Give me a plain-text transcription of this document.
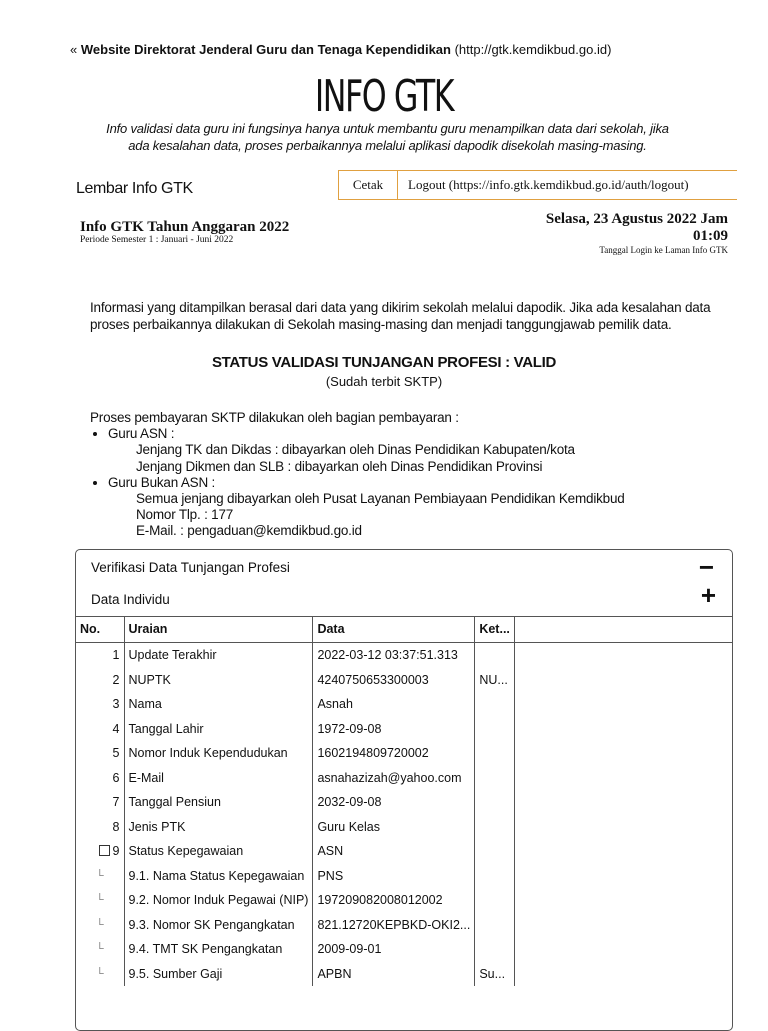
« Website Direktorat Jenderal Guru dan Tenaga Kependidikan (http://gtk.kemdikbud.go.id)
INFO GTK
Info validasi data guru ini fungsinya hanya untuk membantu guru menampilkan data dari sekolah, jika ada kesalahan data, proses perbaikannya melalui aplikasi dapodik disekolah masing-masing.
Lembar Info GTK	Cetak	Logout (https://info.gtk.kemdikbud.go.id/auth/logout)
Info GTK Tahun Anggaran 2022
Periode Semester 1 : Januari - Juni 2022
Selasa, 23 Agustus 2022 Jam 01:09
Tanggal Login ke Laman Info GTK
Informasi yang ditampilkan berasal dari data yang dikirim sekolah melalui dapodik. Jika ada kesalahan data proses perbaikannya dilakukan di Sekolah masing-masing dan menjadi tanggungjawab pemilik data.
STATUS VALIDASI TUNJANGAN PROFESI : VALID
(Sudah terbit SKTP)
Proses pembayaran SKTP dilakukan oleh bagian pembayaran :
• Guru ASN :
Jenjang TK dan Dikdas : dibayarkan oleh Dinas Pendidikan Kabupaten/kota
Jenjang Dikmen dan SLB : dibayarkan oleh Dinas Pendidikan Provinsi
• Guru Bukan ASN :
Semua jenjang dibayarkan oleh Pusat Layanan Pembiayaan Pendidikan Kemdikbud
Nomor Tlp. : 177
E-Mail. : pengaduan@kemdikbud.go.id
Verifikasi Data Tunjangan Profesi
Data Individu
−
+
No.	Uraian	Data	Ket...	
1	Update Terakhir	2022-03-12 03:37:51.313		
2	NUPTK	4240750653300003	NU...	
3	Nama	Asnah		
4	Tanggal Lahir	1972-09-08		
5	Nomor Induk Kependudukan	1602194809720002		
6	E-Mail	asnahazizah@yahoo.com		
7	Tanggal Pensiun	2032-09-08		
8	Jenis PTK	Guru Kelas		
9	Status Kepegawaian	ASN		
└	9.1. Nama Status Kepegawaian	PNS		
└	9.2. Nomor Induk Pegawai (NIP)	197209082008012002		
└	9.3. Nomor SK Pengangkatan	821.12720KEPBKD-OKI2...		
└	9.4. TMT SK Pengangkatan	2009-09-01		
└	9.5. Sumber Gaji	APBN	Su...	
